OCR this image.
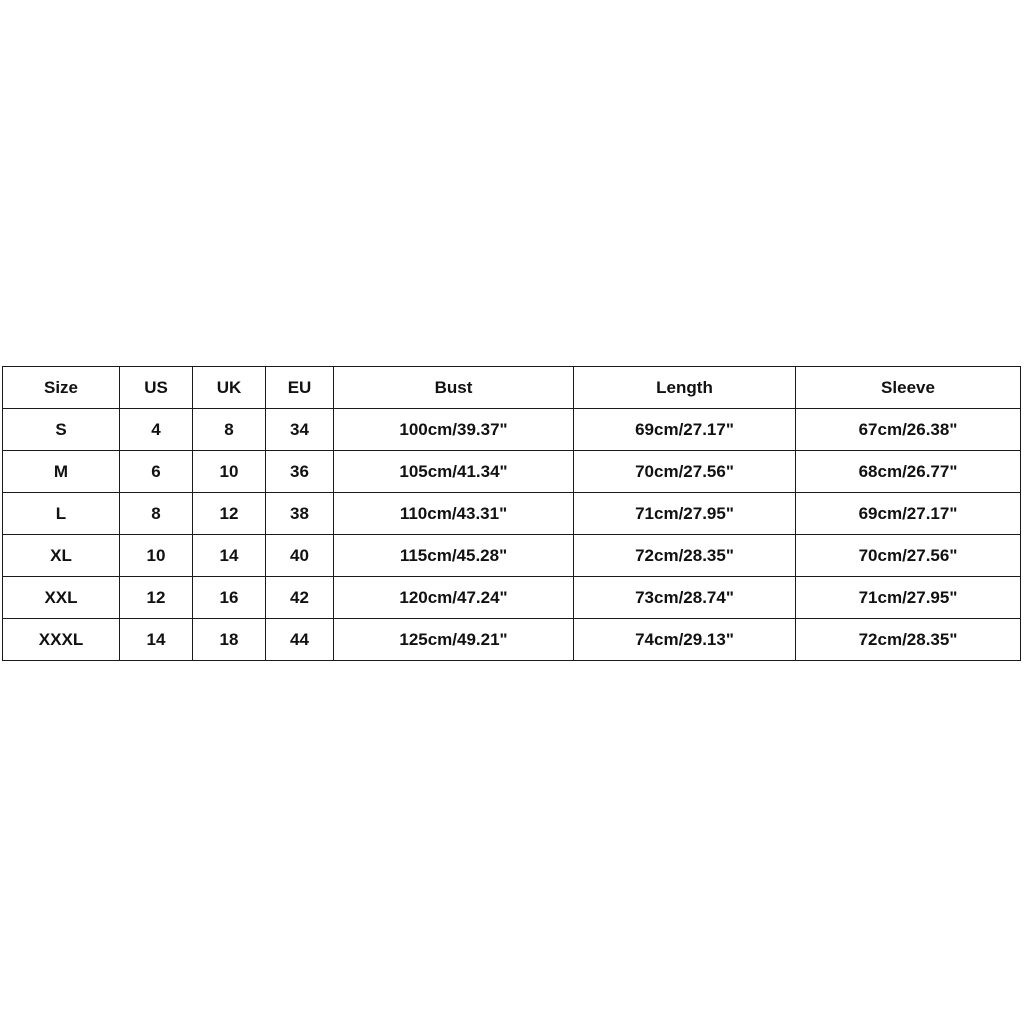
Size	US	UK	EU	Bust	Length	Sleeve
S	4	8	34	100cm/39.37"	69cm/27.17"	67cm/26.38"
M	6	10	36	105cm/41.34"	70cm/27.56"	68cm/26.77"
L	8	12	38	110cm/43.31"	71cm/27.95"	69cm/27.17"
XL	10	14	40	115cm/45.28"	72cm/28.35"	70cm/27.56"
XXL	12	16	42	120cm/47.24"	73cm/28.74"	71cm/27.95"
XXXL	14	18	44	125cm/49.21"	74cm/29.13"	72cm/28.35"
